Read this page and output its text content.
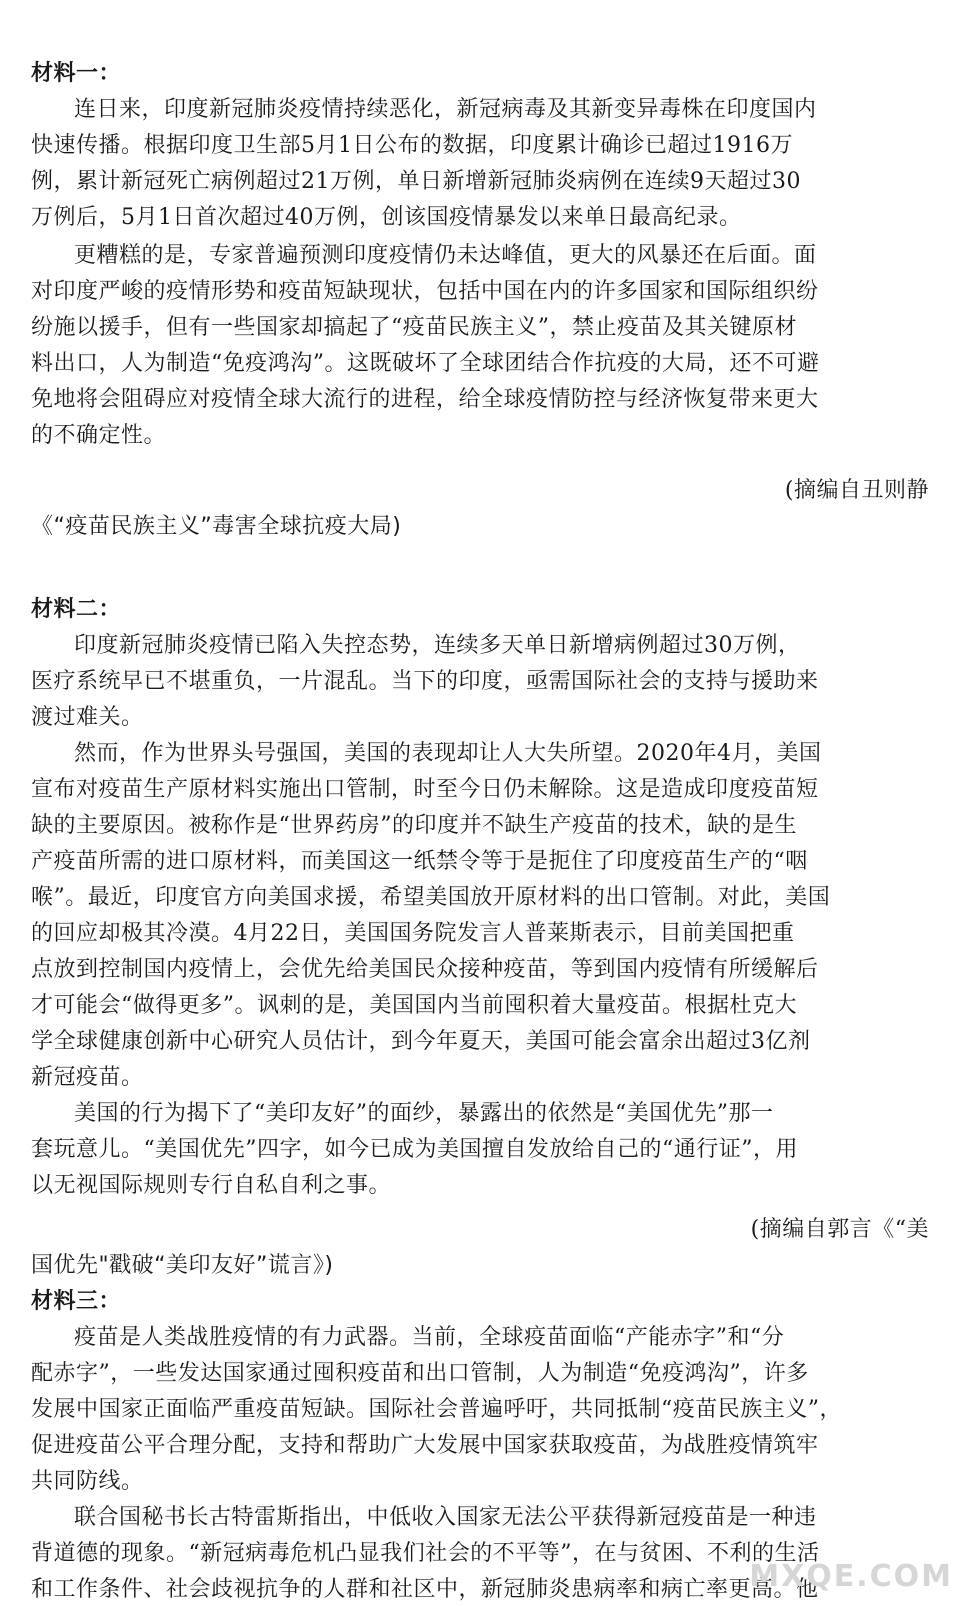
材料一：
连日来，印度新冠肺炎疫情持续恶化，新冠病毒及其新变异毒株在印度国内
快速传播。根据印度卫生部5月1日公布的数据，印度累计确诊已超过1916万
例，累计新冠死亡病例超过21万例，单日新增新冠肺炎病例在连续9天超过30
万例后，5月1日首次超过40万例，创该国疫情暴发以来单日最高纪录。
更糟糕的是，专家普遍预测印度疫情仍未达峰值，更大的风暴还在后面。面
对印度严峻的疫情形势和疫苗短缺现状，包括中国在内的许多国家和国际组织纷
纷施以援手，但有一些国家却搞起了“疫苗民族主义”，禁止疫苗及其关键原材
料出口，人为制造“免疫鸿沟”。这既破坏了全球团结合作抗疫的大局，还不可避
免地将会阻碍应对疫情全球大流行的进程，给全球疫情防控与经济恢复带来更大
的不确定性。
(摘编自丑则静
《“疫苗民族主义”毒害全球抗疫大局)
材料二：
印度新冠肺炎疫情已陷入失控态势，连续多天单日新增病例超过30万例，
医疗系统早已不堪重负，一片混乱。当下的印度，亟需国际社会的支持与援助来
渡过难关。
然而，作为世界头号强国，美国的表现却让人大失所望。2020年4月，美国
宣布对疫苗生产原材料实施出口管制，时至今日仍未解除。这是造成印度疫苗短
缺的主要原因。被称作是“世界药房”的印度并不缺生产疫苗的技术，缺的是生
产疫苗所需的进口原材料，而美国这一纸禁令等于是扼住了印度疫苗生产的“咽
喉”。最近，印度官方向美国求援，希望美国放开原材料的出口管制。对此，美国
的回应却极其冷漠。4月22日，美国国务院发言人普莱斯表示，目前美国把重
点放到控制国内疫情上，会优先给美国民众接种疫苗，等到国内疫情有所缓解后
才可能会“做得更多”。讽刺的是，美国国内当前囤积着大量疫苗。根据杜克大
学全球健康创新中心研究人员估计，到今年夏天，美国可能会富余出超过3亿剂
新冠疫苗。
美国的行为揭下了“美印友好”的面纱，暴露出的依然是“美国优先”那一
套玩意儿。“美国优先”四字，如今已成为美国擅自发放给自己的“通行证”，用
以无视国际规则专行自私自利之事。
(摘编自郭言《“美
国优先"戳破“美印友好”谎言》)
材料三：
疫苗是人类战胜疫情的有力武器。当前，全球疫苗面临“产能赤字”和“分
配赤字”，一些发达国家通过囤积疫苗和出口管制，人为制造“免疫鸿沟”，许多
发展中国家正面临严重疫苗短缺。国际社会普遍呼吁，共同抵制“疫苗民族主义”，
促进疫苗公平合理分配，支持和帮助广大发展中国家获取疫苗，为战胜疫情筑牢
共同防线。
联合国秘书长古特雷斯指出，中低收入国家无法公平获得新冠疫苗是一种违
背道德的现象。“新冠病毒危机凸显我们社会的不平等”，在与贫困、不利的生活
和工作条件、社会歧视抗争的人群和社区中，新冠肺炎患病率和病亡率更高。他
MXQE.COM
